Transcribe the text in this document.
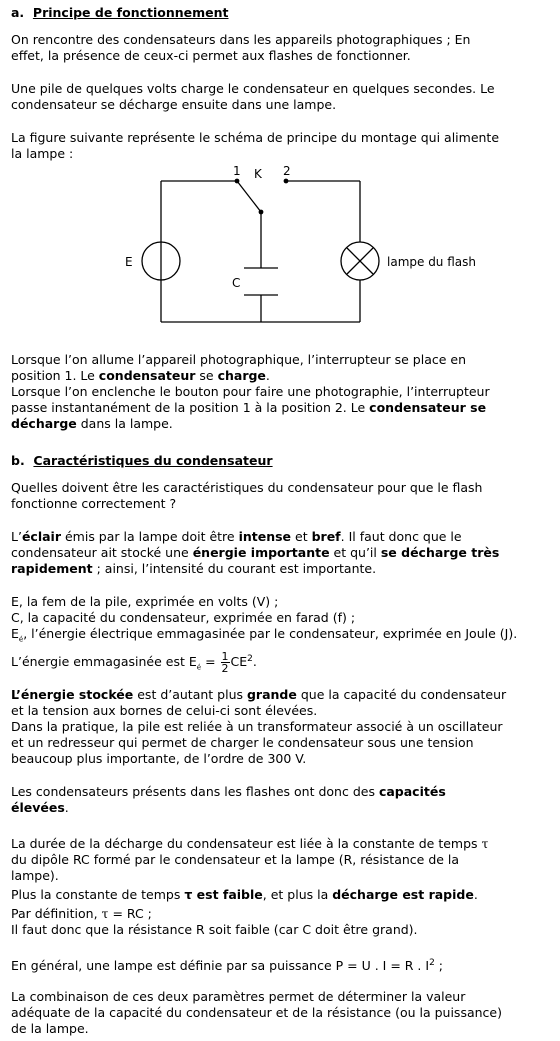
a. Principe de fonctionnement

On rencontre des condensateurs dans les appareils photographiques ; En

effet, la présence de ceux-ci permet aux flashes de fonctionner.

Une pile de quelques volts charge le condensateur en quelques secondes. Le

condensateur se décharge ensuite dans une lampe.

La figure suivante représente le schéma de principe du montage qui alimente

la lampe :

1	2
K
E
C
lampe du flash

Lorsque l’on allume l’appareil photographique, l’interrupteur se place en

position 1. Le condensateur se charge.

Lorsque l’on enclenche le bouton pour faire une photographie, l’interrupteur

passe instantanément de la position 1 à la position 2. Le condensateur se

décharge dans la lampe.

b. Caractéristiques du condensateur

Quelles doivent être les caractéristiques du condensateur pour que le flash

fonctionne correctement ?

L’éclair émis par la lampe doit être intense et bref. Il faut donc que le

condensateur ait stocké une énergie importante et qu’il se décharge très

rapidement ; ainsi, l’intensité du courant est importante.

E, la fem de la pile, exprimée en volts (V) ;

C, la capacité du condensateur, exprimée en farad (f) ;

$E_é$, l’énergie électrique emmagasinée par le condensateur, exprimée en Joule (J).

L’énergie emmagasinée est $E_é = \frac{1}{2} CE^2$.

L’énergie stockée est d’autant plus grande que la capacité du condensateur

et la tension aux bornes de celui-ci sont élevées.

Dans la pratique, la pile est reliée à un transformateur associé à un oscillateur

et un redresseur qui permet de charger le condensateur sous une tension

beaucoup plus importante, de l’ordre de 300 V.

Les condensateurs présents dans les flashes ont donc des capacités

élevées.

La durée de la décharge du condensateur est liée à la constante de temps τ

du dipôle RC formé par le condensateur et la lampe (R, résistance de la

lampe).

Plus la constante de temps τ est faible, et plus la décharge est rapide.

Par définition, τ = RC ;

Il faut donc que la résistance R soit faible (car C doit être grand).

En général, une lampe est définie par sa puissance P = U . I = R . $I^2$ ;

La combinaison de ces deux paramètres permet de déterminer la valeur

adéquate de la capacité du condensateur et de la résistance (ou la puissance)

de la lampe.
